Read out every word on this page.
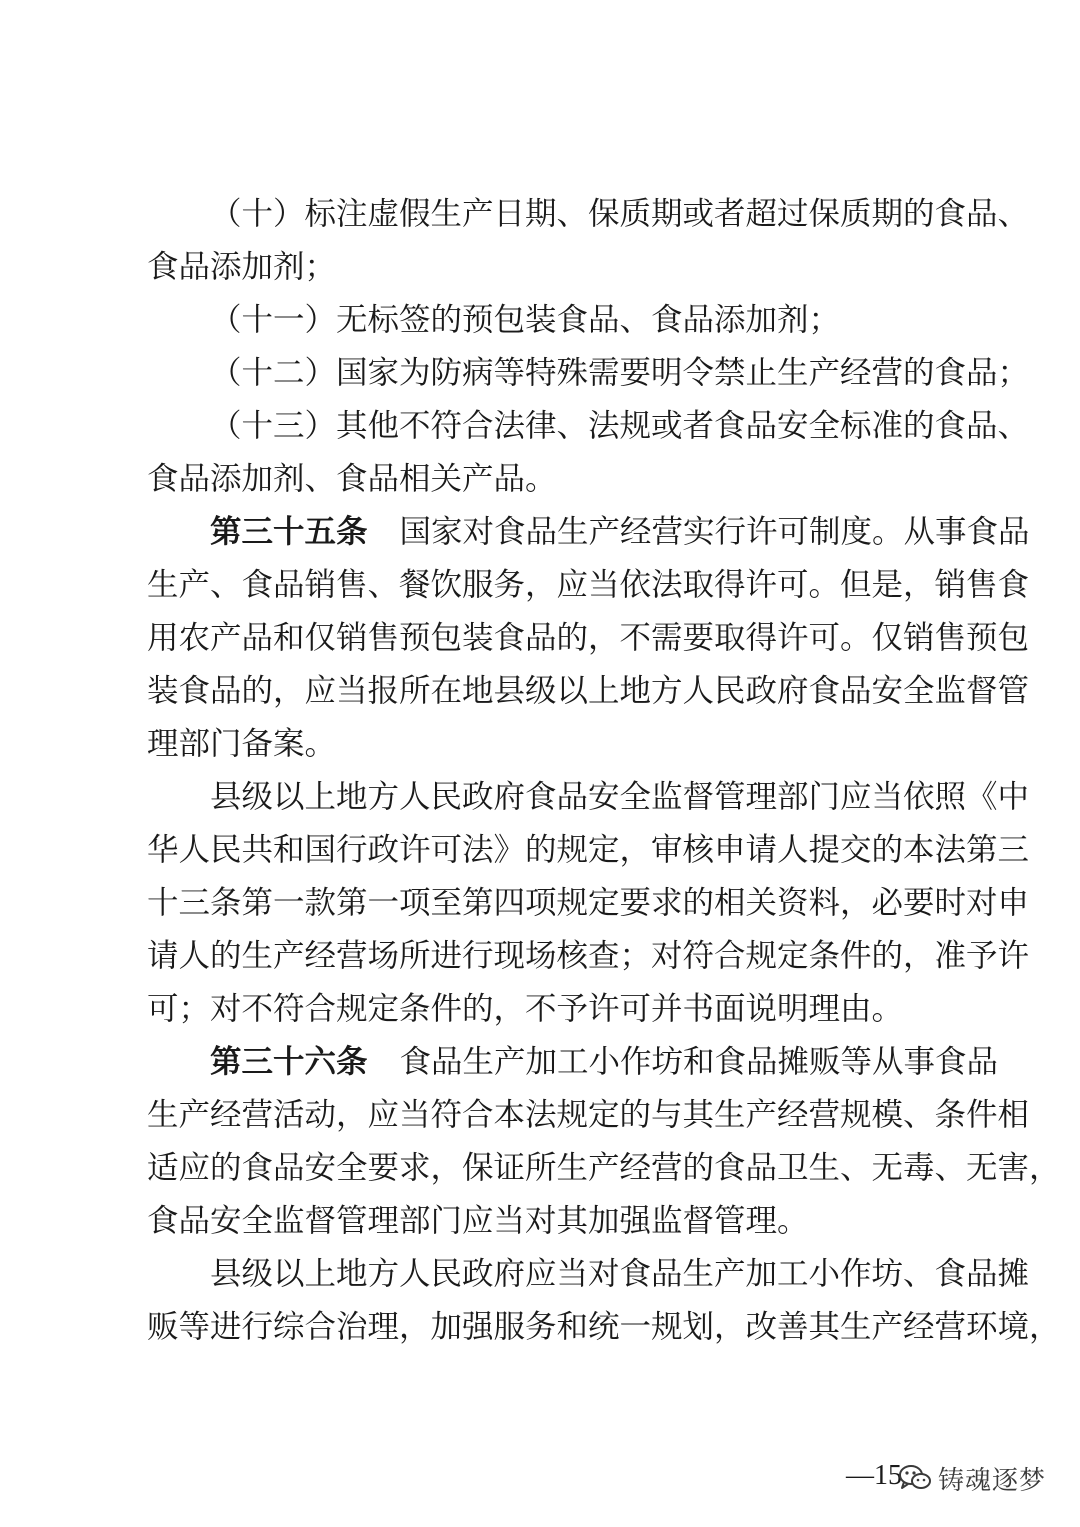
（十）标注虚假生产日期、保质期或者超过保质期的食品、
食品添加剂；
（十一）无标签的预包装食品、食品添加剂；
（十二）国家为防病等特殊需要明令禁止生产经营的食品；
（十三）其他不符合法律、法规或者食品安全标准的食品、
食品添加剂、食品相关产品。
第三十五条	国家对食品生产经营实行许可制度。从事食品
生产、食品销售、餐饮服务，应当依法取得许可。但是，销售食
用农产品和仅销售预包装食品的，不需要取得许可。仅销售预包
装食品的，应当报所在地县级以上地方人民政府食品安全监督管
理部门备案。
县级以上地方人民政府食品安全监督管理部门应当依照《中
华人民共和国行政许可法》的规定，审核申请人提交的本法第三
十三条第一款第一项至第四项规定要求的相关资料，必要时对申
请人的生产经营场所进行现场核查；对符合规定条件的，准予许
可；对不符合规定条件的，不予许可并书面说明理由。
第三十六条	食品生产加工小作坊和食品摊贩等从事食品
生产经营活动，应当符合本法规定的与其生产经营规模、条件相
适应的食品安全要求，保证所生产经营的食品卫生、无毒、无害，
食品安全监督管理部门应当对其加强监督管理。
县级以上地方人民政府应当对食品生产加工小作坊、食品摊
贩等进行综合治理，加强服务和统一规划，改善其生产经营环境，
—15 铸魂逐梦
